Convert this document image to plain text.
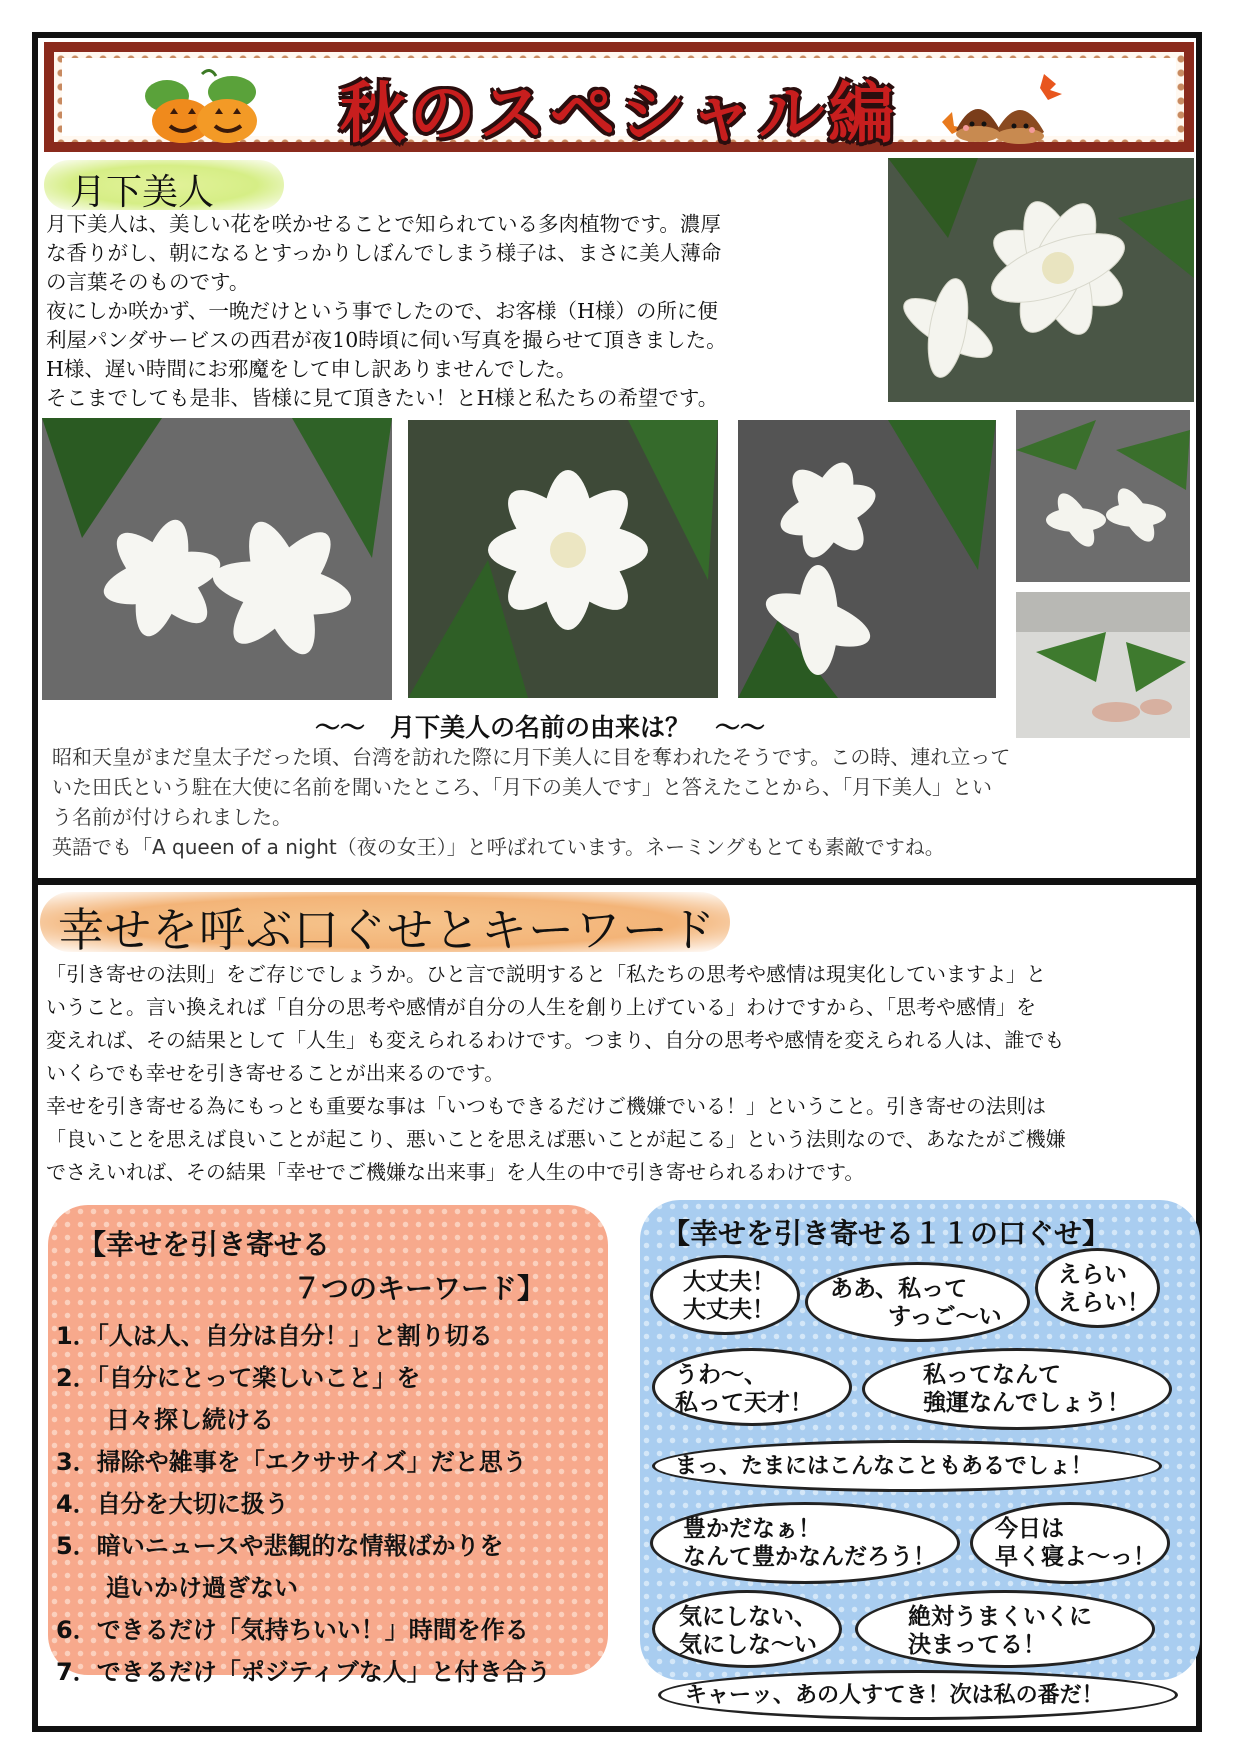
秋のスペシャル編
月下美人

月下美人は、美しい花を咲かせることで知られている多肉植物です。濃厚

な香りがし、朝になるとすっかりしぼんでしまう様子は、まさに美人薄命

の言葉そのものです。

夜にしか咲かず、一晩だけという事でしたので、お客様（H様）の所に便

利屋パンダサービスの西君が夜10時頃に伺い写真を撮らせて頂きました。

H様、遅い時間にお邪魔をして申し訳ありませんでした。

そこまでしても是非、皆様に見て頂きたい！とH様と私たちの希望です。

～～　月下美人の名前の由来は？　～～

昭和天皇がまだ皇太子だった頃、台湾を訪れた際に月下美人に目を奪われたそうです。この時、連れ立って

いた田氏という駐在大使に名前を聞いたところ、「月下の美人です」と答えたことから、「月下美人」とい

う名前が付けられました。

英語でも「A queen of a night（夜の女王）」と呼ばれています。ネーミングもとても素敵ですね。

幸せを呼ぶ口ぐせとキーワード

「引き寄せの法則」をご存じでしょうか。ひと言で説明すると「私たちの思考や感情は現実化していますよ」と

いうこと。言い換えれば「自分の思考や感情が自分の人生を創り上げている」わけですから、「思考や感情」を

変えれば、その結果として「人生」も変えられるわけです。つまり、自分の思考や感情を変えられる人は、誰でも

いくらでも幸せを引き寄せることが出来るのです。

幸せを引き寄せる為にもっとも重要な事は「いつもできるだけご機嫌でいる！」ということ。引き寄せの法則は

「良いことを思えば良いことが起こり、悪いことを思えば悪いことが起こる」という法則なので、あなたがご機嫌

でさえいれば、その結果「幸せでご機嫌な出来事」を人生の中で引き寄せられるわけです。

【幸せを引き寄せる
７つのキーワード】
1．「人は人、自分は自分！」と割り切る
2．「自分にとって楽しいこと」を
日々探し続ける
3．掃除や雑事を「エクササイズ」だと思う
4．自分を大切に扱う
5．暗いニュースや悲観的な情報ばかりを
追いかけ過ぎない
6．できるだけ「気持ちいい！」時間を作る
7．できるだけ「ポジティブな人」と付き合う
【幸せを引き寄せる１１の口ぐせ】
大丈夫！
大丈夫！
ああ、私って
すっご〜い
えらい
えらい！
うわ〜、
私って天才！
私ってなんて
強運なんでしょう！
まっ、たまにはこんなこともあるでしょ！
豊かだなぁ！
なんて豊かなんだろう！
今日は
早く寝よ〜っ！
気にしない、
気にしな〜い
絶対うまくいくに
決まってる！
キャーッ、あの人すてき！次は私の番だ！
